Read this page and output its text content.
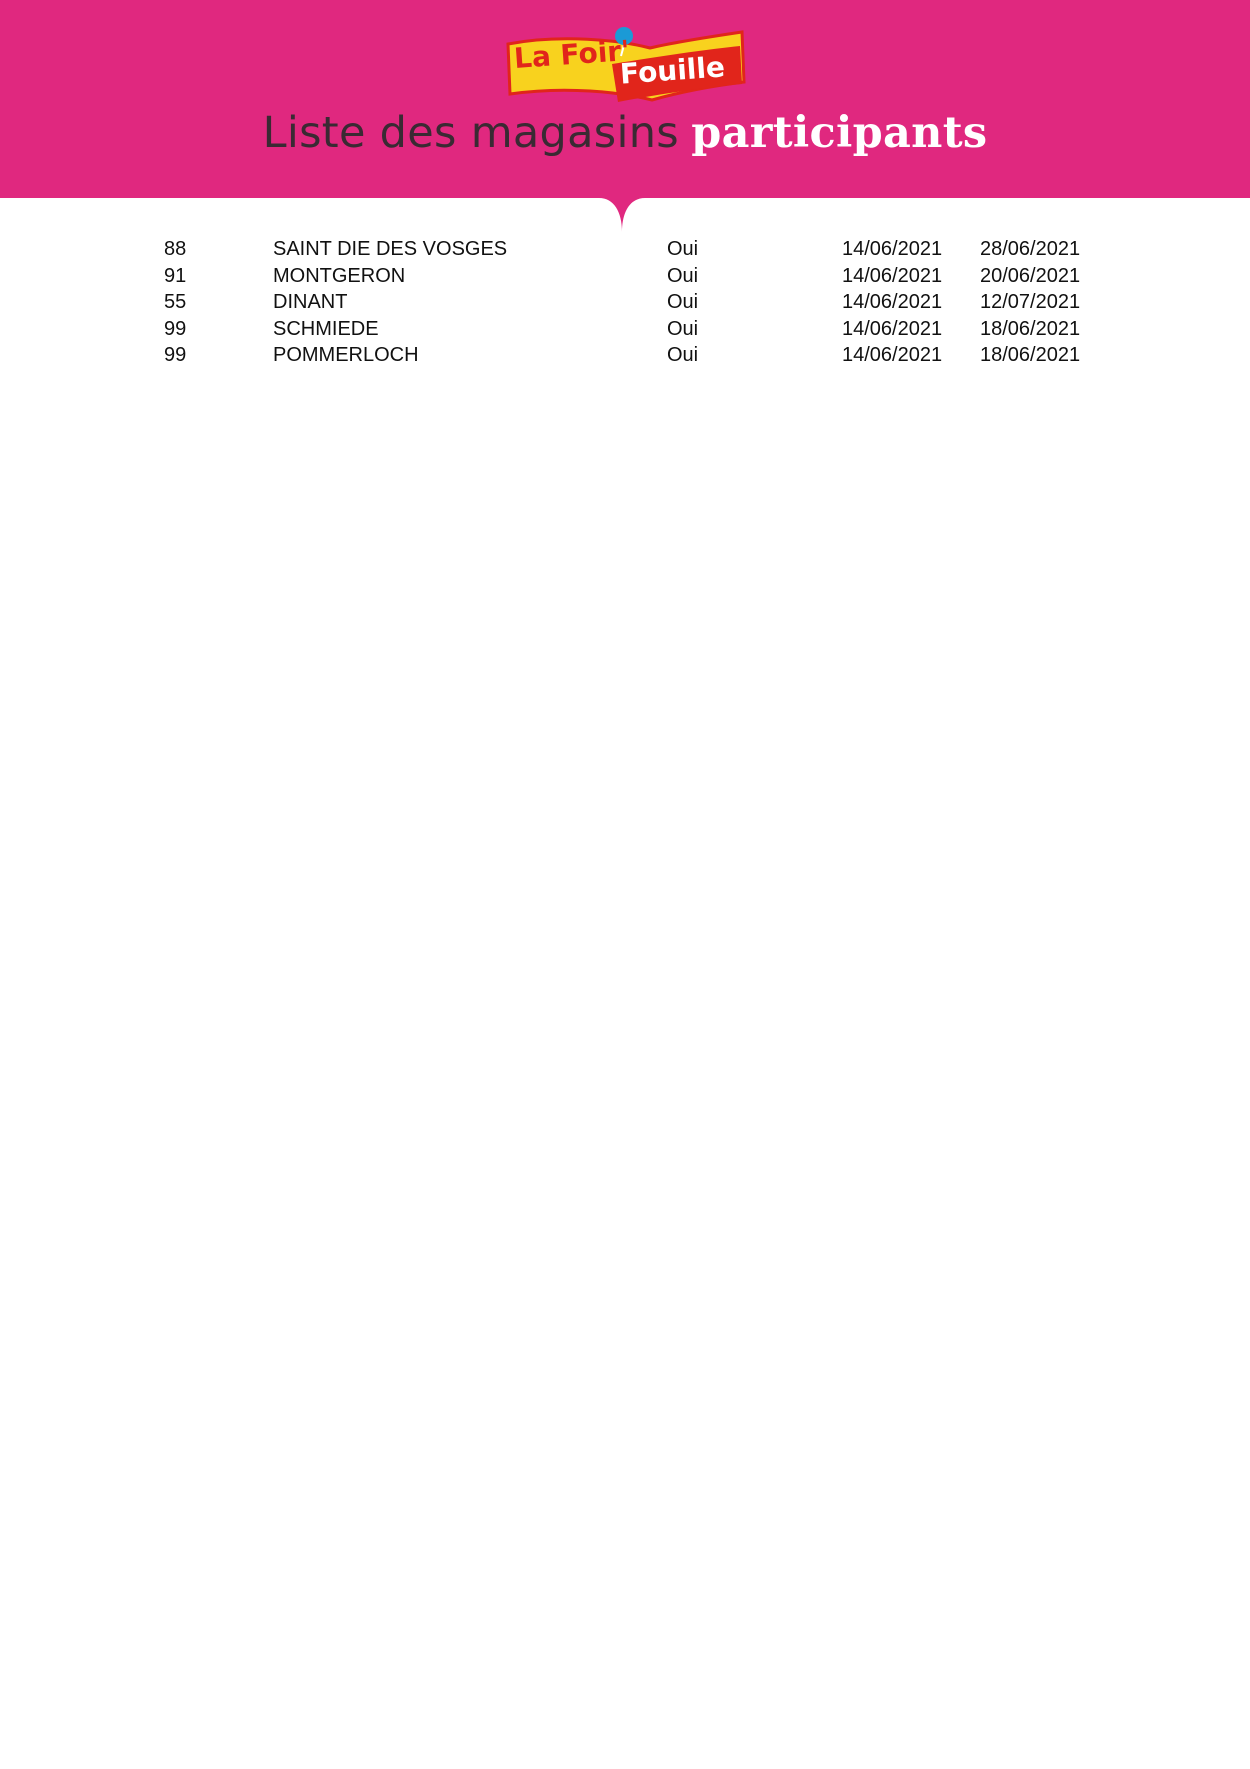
La Foir'
Fouille
Liste des magasins participants
88	SAINT DIE DES VOSGES	Oui	14/06/2021 28/06/2021
91	MONTGERON	Oui	14/06/2021 20/06/2021
55	DINANT	Oui	14/06/2021 12/07/2021
99	SCHMIEDE	Oui	14/06/2021 18/06/2021
99	POMMERLOCH	Oui	14/06/2021 18/06/2021
